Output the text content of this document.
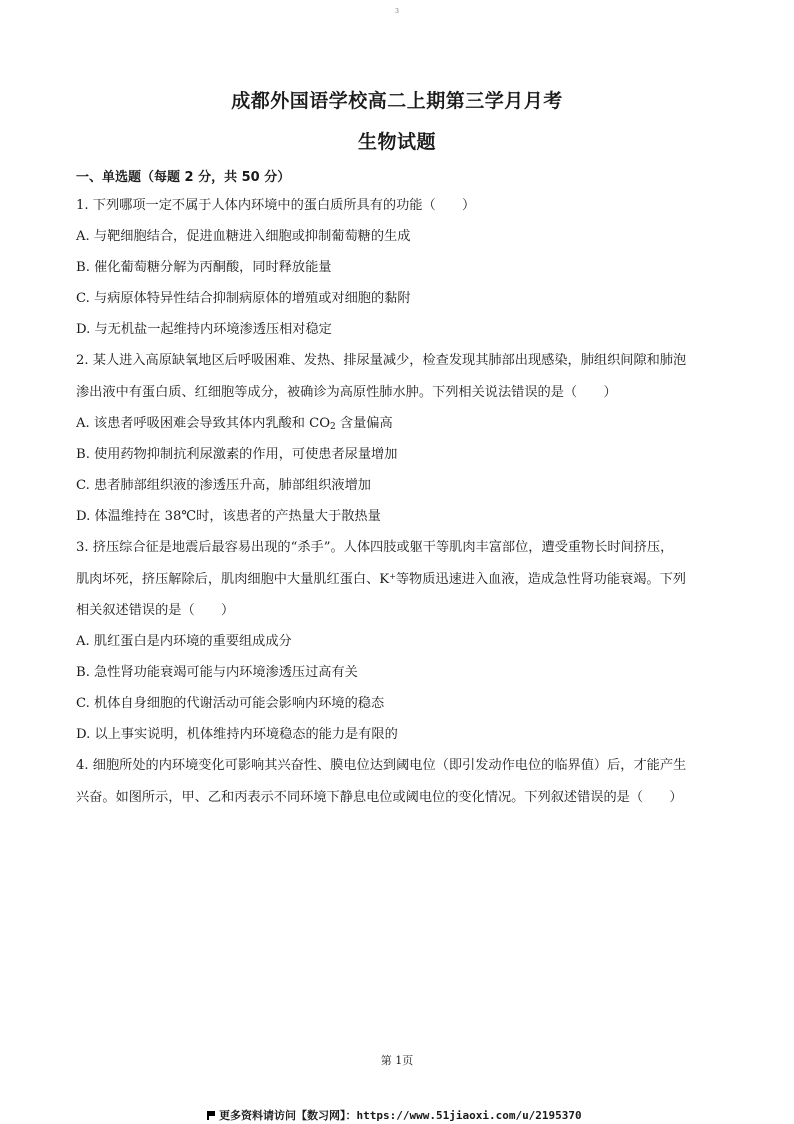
3
成都外国语学校高二上期第三学月月考
生物试题
一、单选题（每题 2 分，共 50 分）
1. 下列哪项一定不属于人体内环境中的蛋白质所具有的功能（　　）
A. 与靶细胞结合，促进血糖进入细胞或抑制葡萄糖的生成
B. 催化葡萄糖分解为丙酮酸，同时释放能量
C. 与病原体特异性结合抑制病原体的增殖或对细胞的黏附
D. 与无机盐一起维持内环境渗透压相对稳定
2. 某人进入高原缺氧地区后呼吸困难、发热、排尿量减少，检查发现其肺部出现感染，肺组织间隙和肺泡
渗出液中有蛋白质、红细胞等成分，被确诊为高原性肺水肿。下列相关说法错误的是（　　）
A. 该患者呼吸困难会导致其体内乳酸和 $CO_2$ 含量偏高
B. 使用药物抑制抗利尿激素的作用，可使患者尿量增加
C. 患者肺部组织液的渗透压升高，肺部组织液增加
D. 体温维持在 38℃时，该患者的产热量大于散热量
3. 挤压综合征是地震后最容易出现的“杀手”。人体四肢或躯干等肌肉丰富部位，遭受重物长时间挤压，
肌肉坏死，挤压解除后，肌肉细胞中大量肌红蛋白、K+等物质迅速进入血液，造成急性肾功能衰竭。下列
相关叙述错误的是（　　）
A. 肌红蛋白是内环境的重要组成成分
B. 急性肾功能衰竭可能与内环境渗透压过高有关
C. 机体自身细胞的代谢活动可能会影响内环境的稳态
D. 以上事实说明，机体维持内环境稳态的能力是有限的
4. 细胞所处的内环境变化可影响其兴奋性、膜电位达到阈电位（即引发动作电位的临界值）后，才能产生
兴奋。如图所示，甲、乙和丙表示不同环境下静息电位或阈电位的变化情况。下列叙述错误的是（　　）
第 1页
更多资料请访问【数习网】：https://www.51jiaoxi.com/u/2195370
